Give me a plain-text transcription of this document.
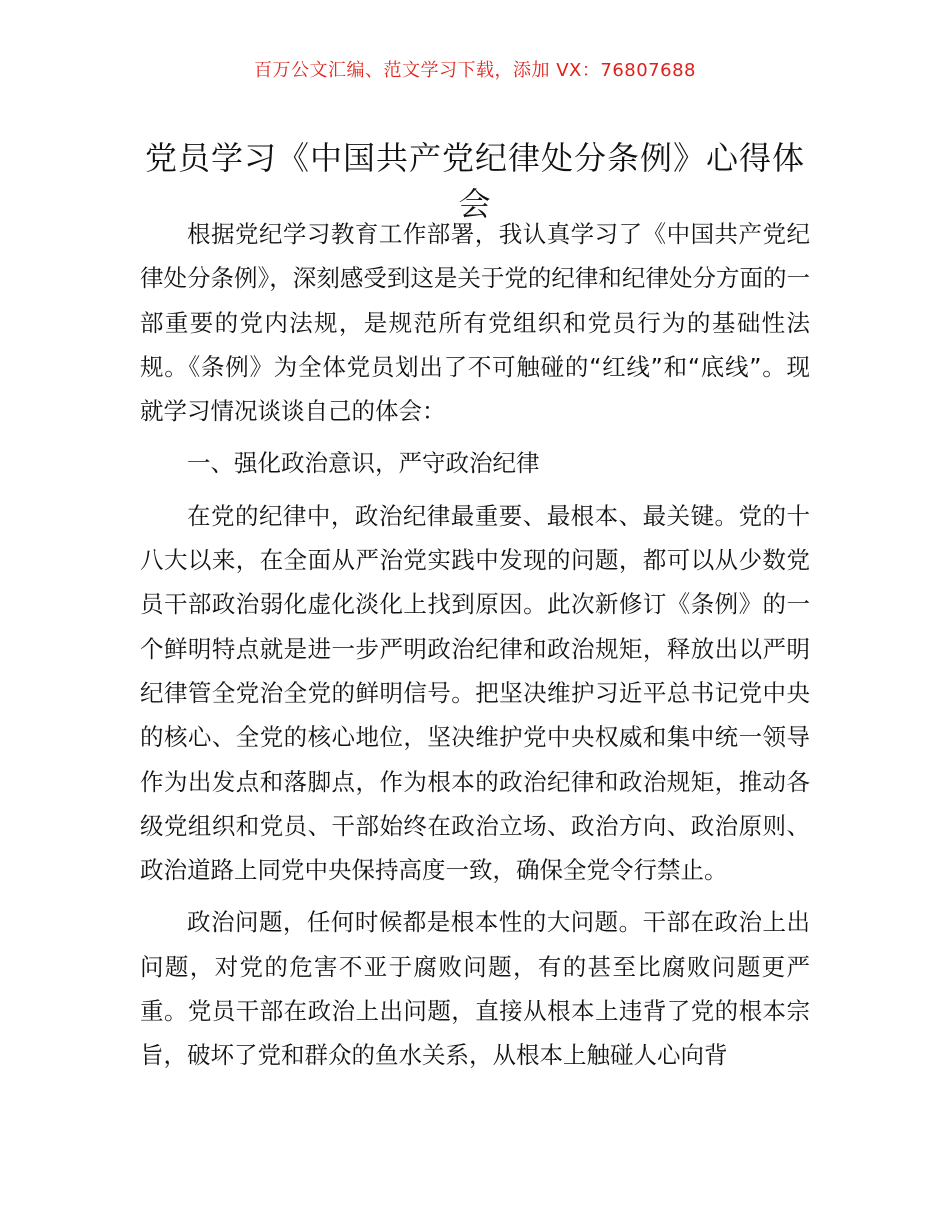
百万公文汇编、范文学习下载，添加 VX：76807688
党员学习《中国共产党纪律处分条例》心得体会

根据党纪学习教育工作部署，我认真学习了《中国共产党纪律处分条例》，深刻感受到这是关于党的纪律和纪律处分方面的一部重要的党内法规，是规范所有党组织和党员行为的基础性法规。《条例》为全体党员划出了不可触碰的“红线”和“底线”。现就学习情况谈谈自己的体会：

一、强化政治意识，严守政治纪律

在党的纪律中，政治纪律最重要、最根本、最关键。党的十八大以来，在全面从严治党实践中发现的问题，都可以从少数党员干部政治弱化虚化淡化上找到原因。此次新修订《条例》的一个鲜明特点就是进一步严明政治纪律和政治规矩，释放出以严明纪律管全党治全党的鲜明信号。把坚决维护习近平总书记党中央的核心、全党的核心地位，坚决维护党中央权威和集中统一领导作为出发点和落脚点，作为根本的政治纪律和政治规矩，推动各级党组织和党员、干部始终在政治立场、政治方向、政治原则、政治道路上同党中央保持高度一致，确保全党令行禁止。

政治问题，任何时候都是根本性的大问题。干部在政治上出问题，对党的危害不亚于腐败问题，有的甚至比腐败问题更严重。党员干部在政治上出问题，直接从根本上违背了党的根本宗旨，破坏了党和群众的鱼水关系，从根本上触碰人心向背
